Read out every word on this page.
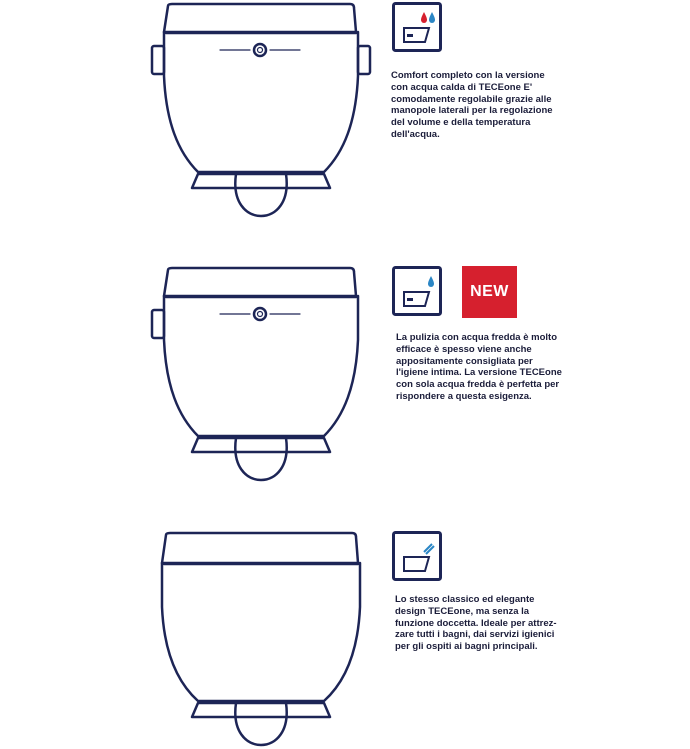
Comfort completo con la versione
con acqua calda di TECEone E'
comodamente regolabile grazie alle
manopole laterali per la regolazione
del volume e della temperatura
dell'acqua.

NEW

La pulizia con acqua fredda è molto
efficace è spesso viene anche
appositamente consigliata per
l'igiene intima. La versione TECEone
con sola acqua fredda è perfetta per
rispondere a questa esigenza.

Lo stesso classico ed elegante
design TECEone, ma senza la
funzione doccetta. Ideale per attrez-
zare tutti i bagni, dai servizi igienici
per gli ospiti ai bagni principali.
